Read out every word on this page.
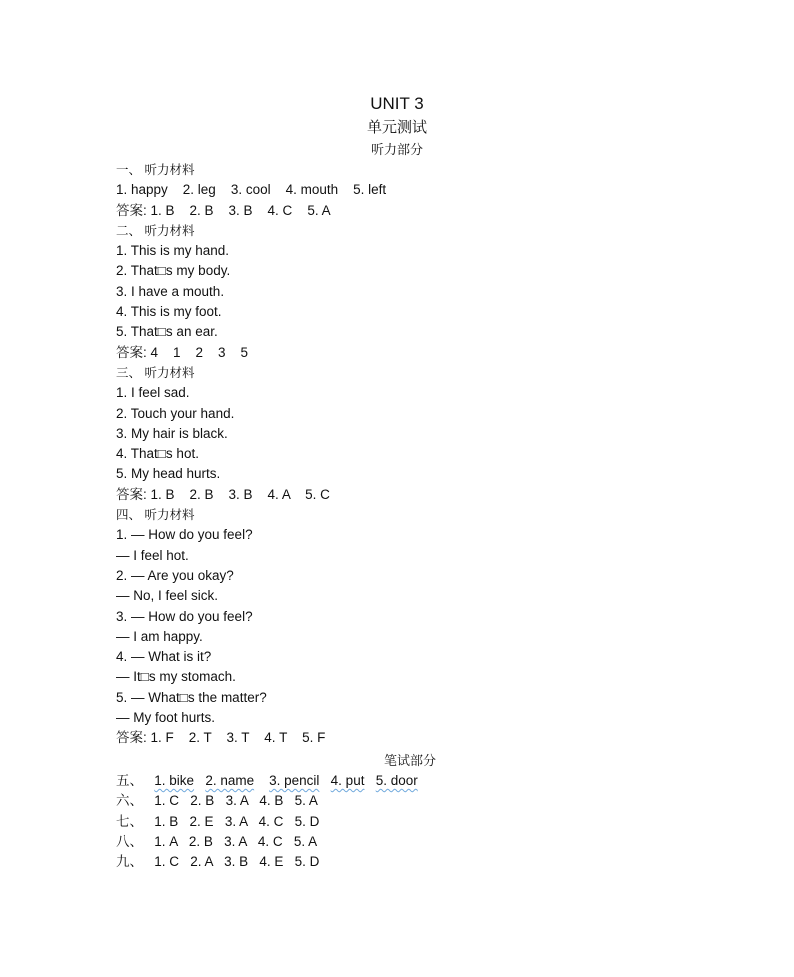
UNIT 3
单元测试
听力部分
一、 听力材料
1. happy    2. leg    3. cool    4. mouth    5. left
答案: 1. B    2. B    3. B    4. C    5. A
二、 听力材料
1. This is my hand.
2. That□s my body.
3. I have a mouth.
4. This is my foot.
5. That□s an ear.
答案: 4    1    2    3    5
三、 听力材料
1. I feel sad.
2. Touch your hand.
3. My hair is black.
4. That□s hot.
5. My head hurts.
答案: 1. B    2. B    3. B    4. A    5. C
四、 听力材料
1. — How do you feel?
— I feel hot.
2. — Are you okay?
— No, I feel sick.
3. — How do you feel?
— I am happy.
4. — What is it?
— It□s my stomach.
5. — What□s the matter?
— My foot hurts.
答案: 1. F    2. T    3. T    4. T    5. F
笔试部分
五、 1. bike 2. name 3. pencil 4. put 5. door
六、 1. C 2. B 3. A 4. B 5. A
七、 1. B 2. E 3. A 4. C 5. D
八、 1. A 2. B 3. A 4. C 5. A
九、 1. C 2. A 3. B 4. E 5. D
